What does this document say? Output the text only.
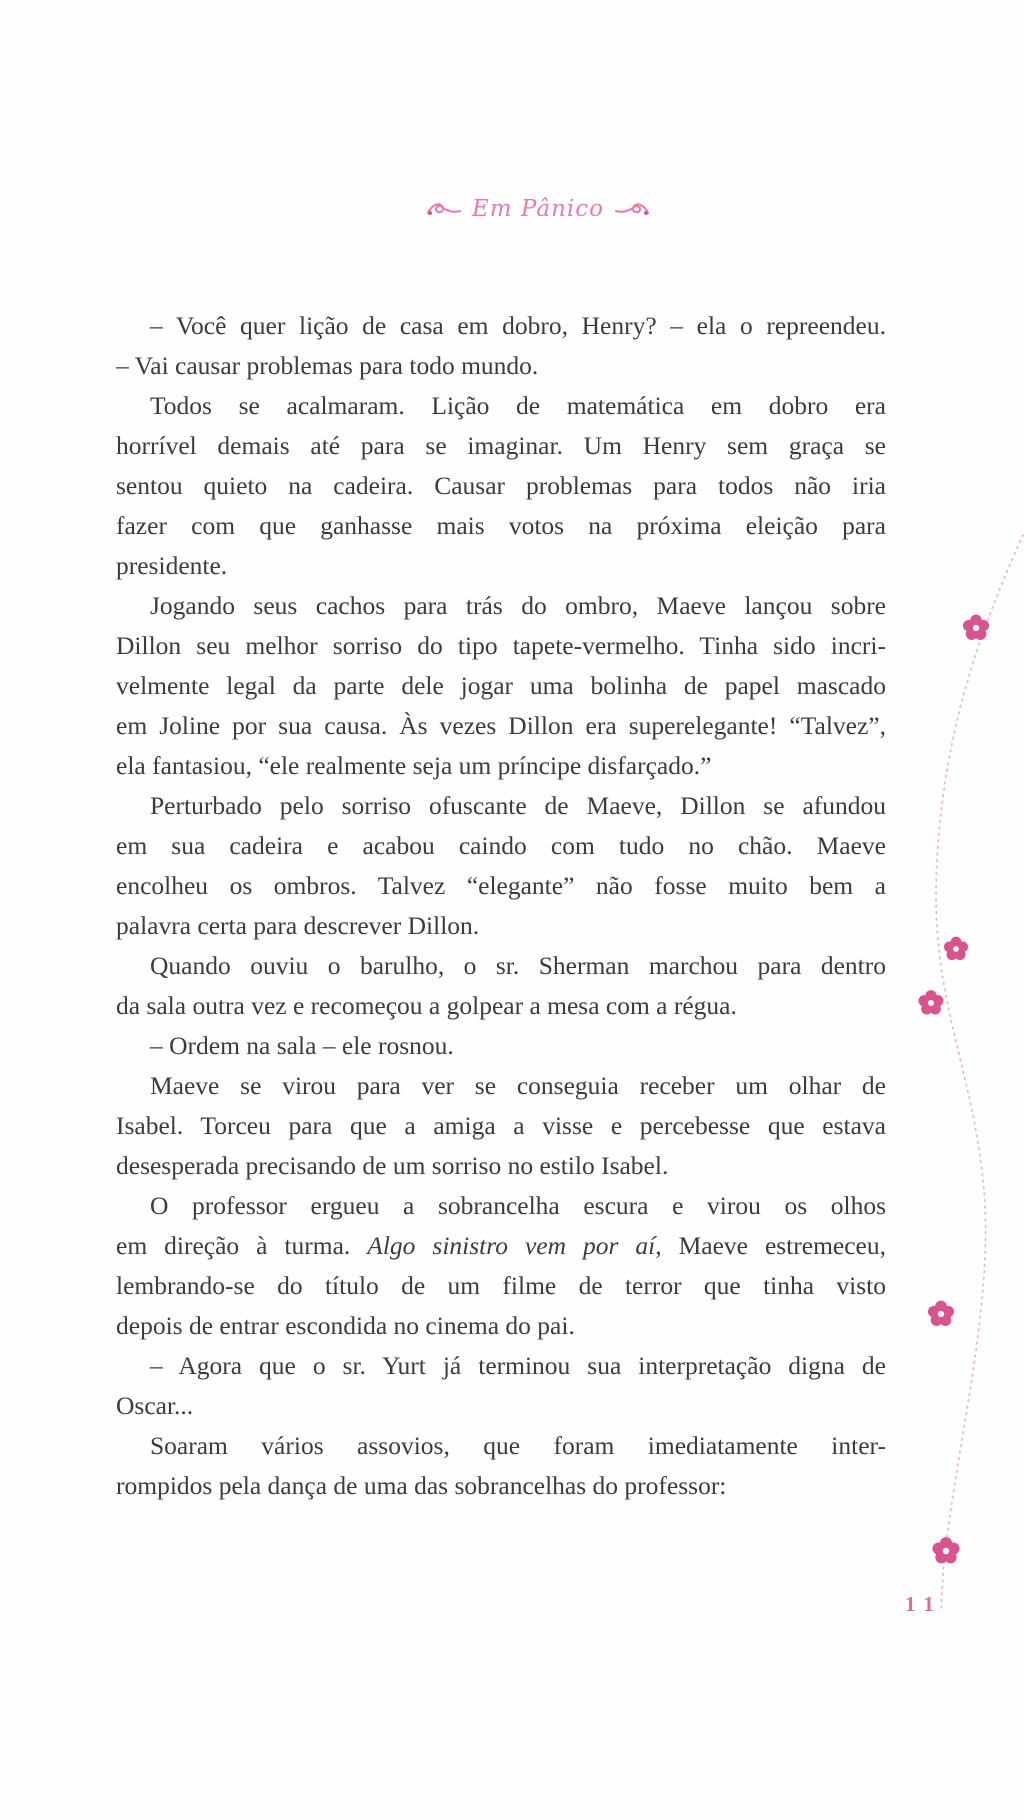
Em Pânico
– Você quer lição de casa em dobro, Henry? – ela o repreendeu.
– Vai causar problemas para todo mundo.
Todos se acalmaram. Lição de matemática em dobro era
horrível demais até para se imaginar. Um Henry sem graça se
sentou quieto na cadeira. Causar problemas para todos não iria
fazer com que ganhasse mais votos na próxima eleição para
presidente.
Jogando seus cachos para trás do ombro, Maeve lançou sobre
Dillon seu melhor sorriso do tipo tapete-vermelho. Tinha sido incri-
velmente legal da parte dele jogar uma bolinha de papel mascado
em Joline por sua causa. Às vezes Dillon era superelegante! “Talvez”,
ela fantasiou, “ele realmente seja um príncipe disfarçado.”
Perturbado pelo sorriso ofuscante de Maeve, Dillon se afundou
em sua cadeira e acabou caindo com tudo no chão. Maeve
encolheu os ombros. Talvez “elegante” não fosse muito bem a
palavra certa para descrever Dillon.
Quando ouviu o barulho, o sr. Sherman marchou para dentro
da sala outra vez e recomeçou a golpear a mesa com a régua.
– Ordem na sala – ele rosnou.
Maeve se virou para ver se conseguia receber um olhar de
Isabel. Torceu para que a amiga a visse e percebesse que estava
desesperada precisando de um sorriso no estilo Isabel.
O professor ergueu a sobrancelha escura e virou os olhos
em direção à turma. Algo sinistro vem por aí, Maeve estremeceu,
lembrando-se do título de um filme de terror que tinha visto
depois de entrar escondida no cinema do pai.
– Agora que o sr. Yurt já terminou sua interpretação digna de
Oscar...
Soaram vários assovios, que foram imediatamente inter-
rompidos pela dança de uma das sobrancelhas do professor:
11
